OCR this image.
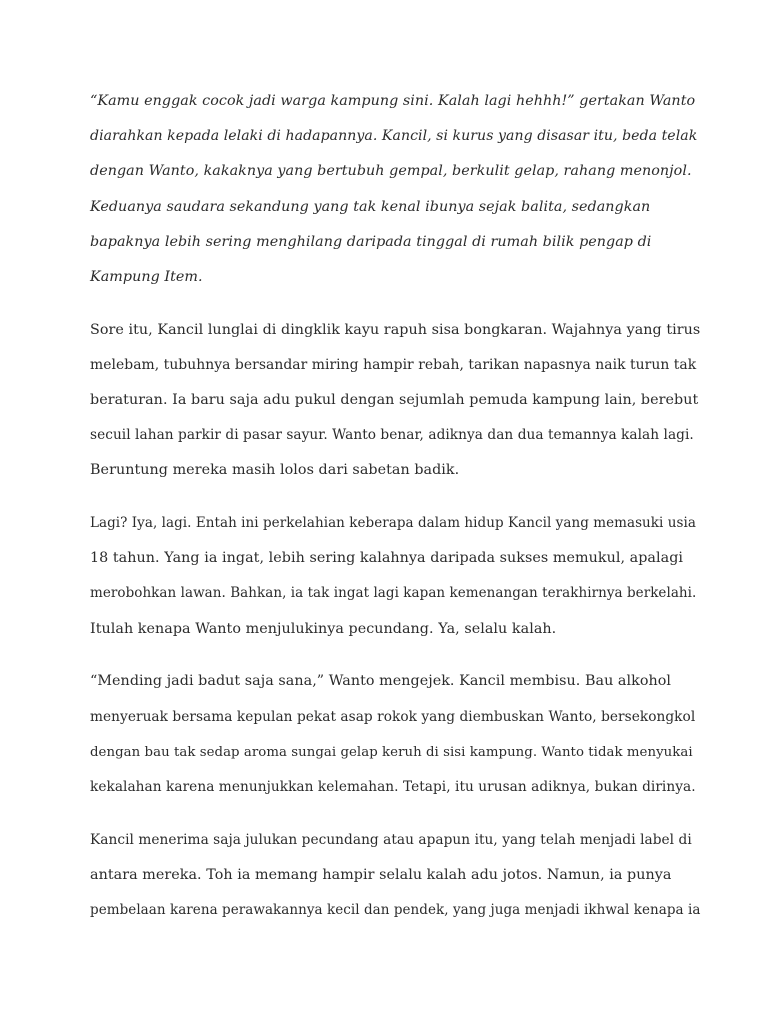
“Kamu enggak cocok jadi warga kampung sini. Kalah lagi hehhh!” gertakan Wanto
diarahkan kepada lelaki di hadapannya. Kancil, si kurus yang disasar itu, beda telak
dengan Wanto, kakaknya yang bertubuh gempal, berkulit gelap, rahang menonjol.
Keduanya saudara sekandung yang tak kenal ibunya sejak balita, sedangkan
bapaknya lebih sering menghilang daripada tinggal di rumah bilik pengap di
Kampung Item.
Sore itu, Kancil lunglai di dingklik kayu rapuh sisa bongkaran. Wajahnya yang tirus
melebam, tubuhnya bersandar miring hampir rebah, tarikan napasnya naik turun tak
beraturan. Ia baru saja adu pukul dengan sejumlah pemuda kampung lain, berebut
secuil lahan parkir di pasar sayur. Wanto benar, adiknya dan dua temannya kalah lagi.
Beruntung mereka masih lolos dari sabetan badik.
Lagi? Iya, lagi. Entah ini perkelahian keberapa dalam hidup Kancil yang memasuki usia
18 tahun. Yang ia ingat, lebih sering kalahnya daripada sukses memukul, apalagi
merobohkan lawan. Bahkan, ia tak ingat lagi kapan kemenangan terakhirnya berkelahi.
Itulah kenapa Wanto menjulukinya pecundang. Ya, selalu kalah.
“Mending jadi badut saja sana,” Wanto mengejek. Kancil membisu. Bau alkohol
menyeruak bersama kepulan pekat asap rokok yang diembuskan Wanto, bersekongkol
dengan bau tak sedap aroma sungai gelap keruh di sisi kampung. Wanto tidak menyukai
kekalahan karena menunjukkan kelemahan. Tetapi, itu urusan adiknya, bukan dirinya.
Kancil menerima saja julukan pecundang atau apapun itu, yang telah menjadi label di
antara mereka. Toh ia memang hampir selalu kalah adu jotos. Namun, ia punya
pembelaan karena perawakannya kecil dan pendek, yang juga menjadi ikhwal kenapa ia
